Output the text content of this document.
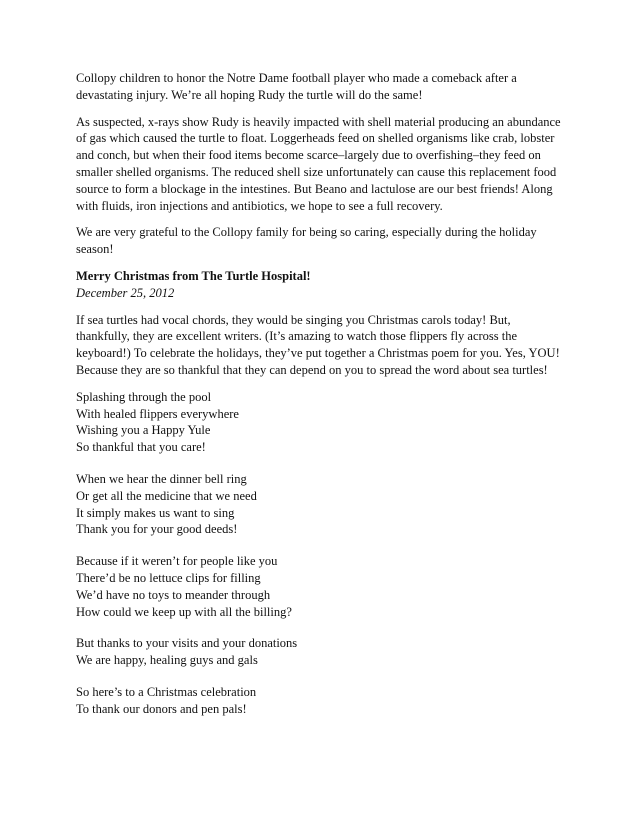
Collopy children to honor the Notre Dame football player who made a comeback after a devastating injury. We’re all hoping Rudy the turtle will do the same!

As suspected, x-rays show Rudy is heavily impacted with shell material producing an abundance of gas which caused the turtle to float. Loggerheads feed on shelled organisms like crab, lobster and conch, but when their food items become scarce–largely due to overfishing–they feed on smaller shelled organisms. The reduced shell size unfortunately can cause this replacement food source to form a blockage in the intestines. But Beano and lactulose are our best friends! Along with fluids, iron injections and antibiotics, we hope to see a full recovery.

We are very grateful to the Collopy family for being so caring, especially during the holiday season!

Merry Christmas from The Turtle Hospital!

December 25, 2012

If sea turtles had vocal chords, they would be singing you Christmas carols today! But, thankfully, they are excellent writers. (It’s amazing to watch those flippers fly across the keyboard!) To celebrate the holidays, they’ve put together a Christmas poem for you. Yes, YOU! Because they are so thankful that they can depend on you to spread the word about sea turtles!

Splashing through the pool
With healed flippers everywhere
Wishing you a Happy Yule
So thankful that you care!

When we hear the dinner bell ring
Or get all the medicine that we need
It simply makes us want to sing
Thank you for your good deeds!

Because if it weren’t for people like you
There’d be no lettuce clips for filling
We’d have no toys to meander through
How could we keep up with all the billing?

But thanks to your visits and your donations
We are happy, healing guys and gals

So here’s to a Christmas celebration
To thank our donors and pen pals!
